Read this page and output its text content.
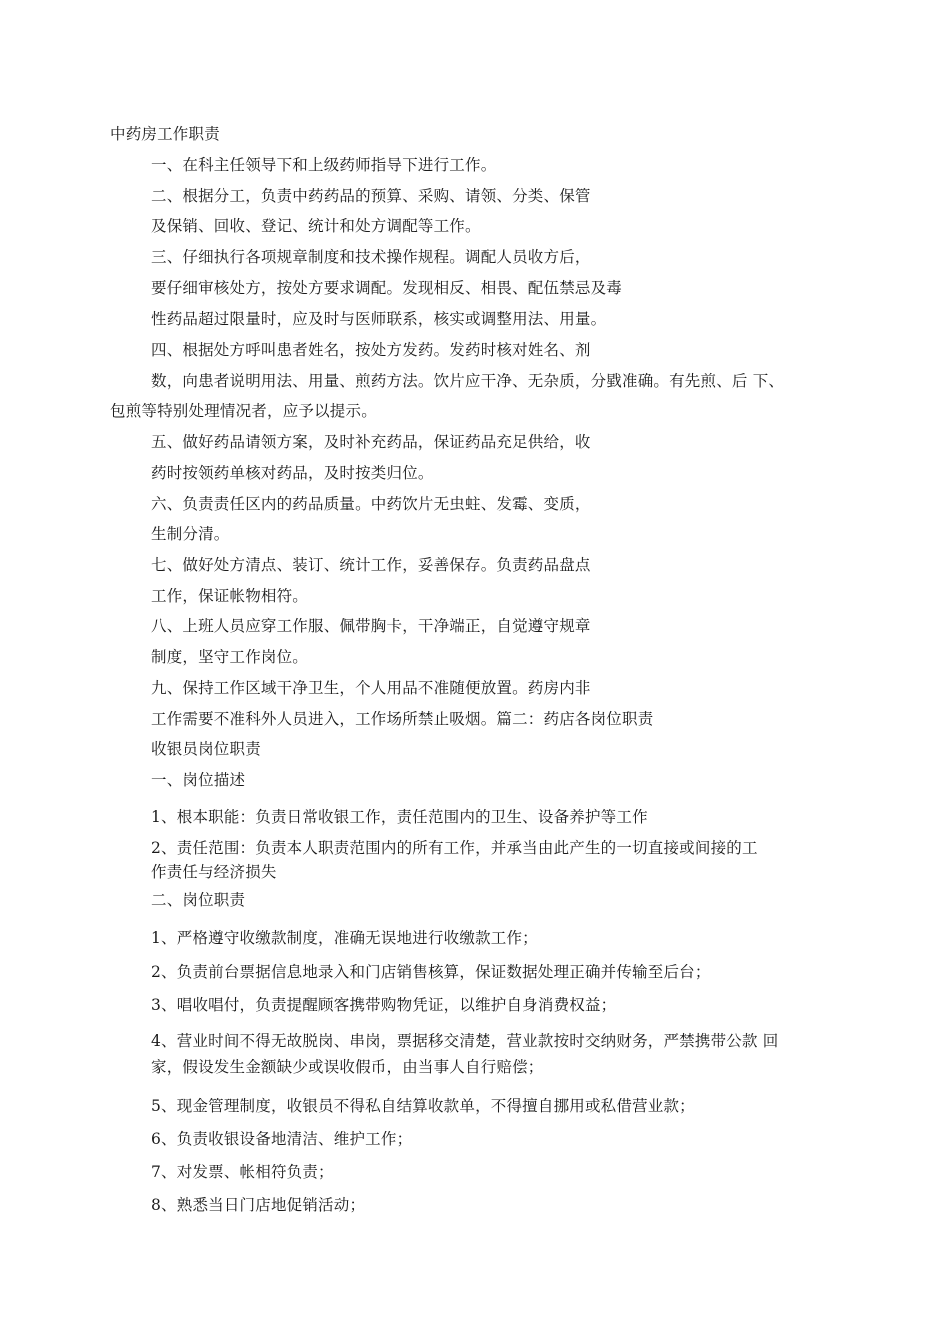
中药房工作职责
一、在科主任领导下和上级药师指导下进行工作。
二、根据分工，负责中药药品的预算、采购、请领、分类、保管
及保销、回收、登记、统计和处方调配等工作。
三、仔细执行各项规章制度和技术操作规程。调配人员收方后，
要仔细审核处方，按处方要求调配。发现相反、相畏、配伍禁忌及毒
性药品超过限量时，应及时与医师联系，核实或调整用法、用量。
四、根据处方呼叫患者姓名，按处方发药。发药时核对姓名、剂
数，向患者说明用法、用量、煎药方法。饮片应干净、无杂质，分戥准确。有先煎、后 下、
包煎等特别处理情况者，应予以提示。
五、做好药品请领方案，及时补充药品，保证药品充足供给，收
药时按领药单核对药品，及时按类归位。
六、负责责任区内的药品质量。中药饮片无虫蛀、发霉、变质，
生制分清。
七、做好处方清点、装订、统计工作，妥善保存。负责药品盘点
工作，保证帐物相符。
八、上班人员应穿工作服、佩带胸卡，干净端正，自觉遵守规章
制度，坚守工作岗位。
九、保持工作区域干净卫生，个人用品不准随便放置。药房内非
工作需要不准科外人员进入，工作场所禁止吸烟。篇二：药店各岗位职责
收银员岗位职责
一、岗位描述
1、根本职能：负责日常收银工作，责任范围内的卫生、设备养护等工作
2、责任范围：负责本人职责范围内的所有工作，并承当由此产生的一切直接或间接的工
作责任与经济损失
二、岗位职责
1、严格遵守收缴款制度，准确无误地进行收缴款工作；
2、负责前台票据信息地录入和门店销售核算，保证数据处理正确并传输至后台；
3、唱收唱付，负责提醒顾客携带购物凭证，以维护自身消费权益；
4、营业时间不得无故脱岗、串岗，票据移交清楚，营业款按时交纳财务，严禁携带公款 回
家，假设发生金额缺少或误收假币，由当事人自行赔偿；
5、现金管理制度，收银员不得私自结算收款单，不得擅自挪用或私借营业款；
6、负责收银设备地清洁、维护工作；
7、对发票、帐相符负责；
8、熟悉当日门店地促销活动；
